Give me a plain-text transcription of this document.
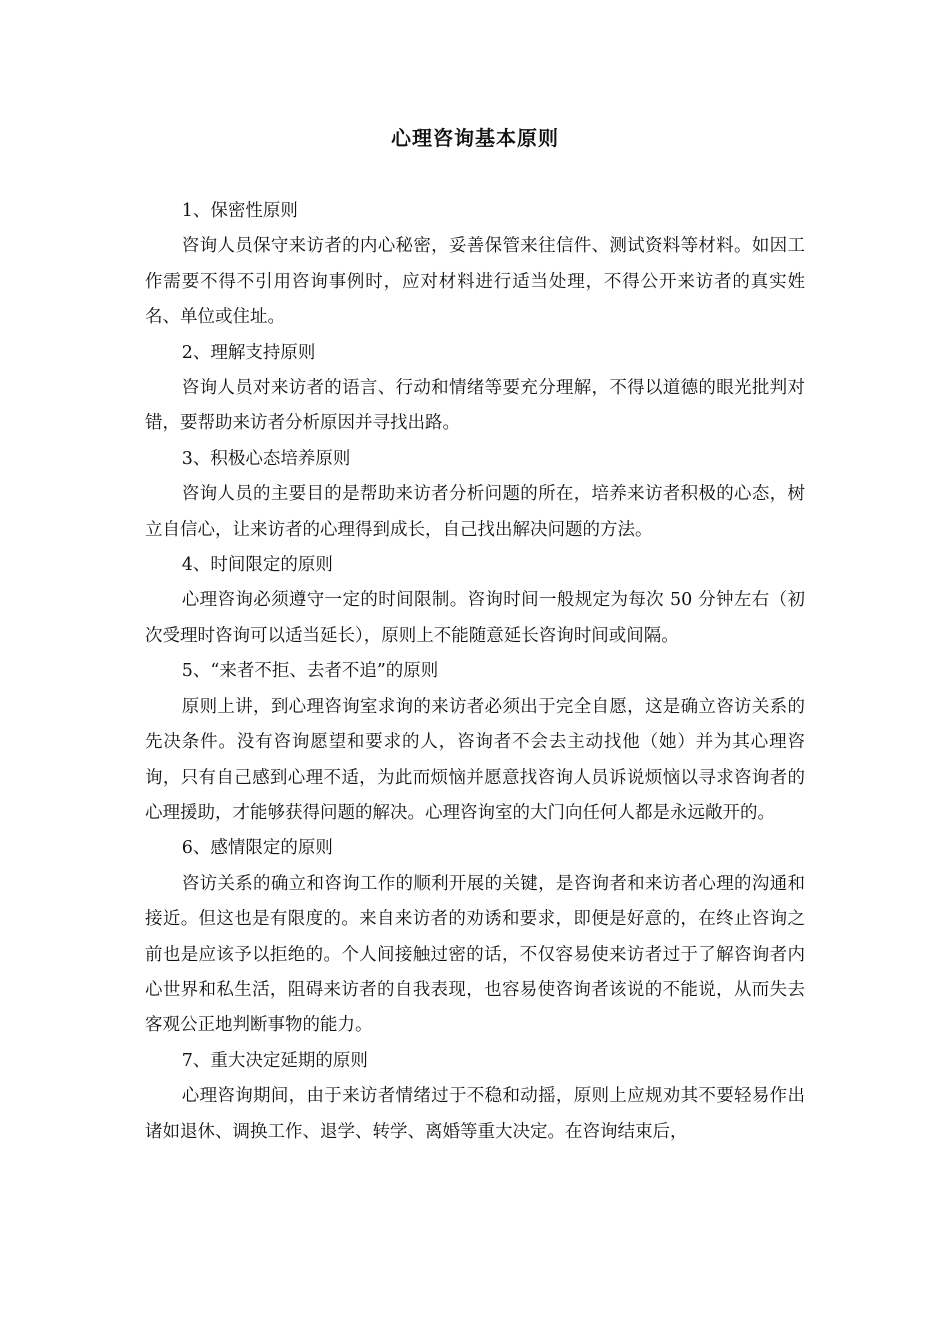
心理咨询基本原则

1、保密性原则

咨询人员保守来访者的内心秘密，妥善保管来往信件、测试资料等材料。如因工作需要不得不引用咨询事例时，应对材料进行适当处理，不得公开来访者的真实姓名、单位或住址。

2、理解支持原则

咨询人员对来访者的语言、行动和情绪等要充分理解，不得以道德的眼光批判对错，要帮助来访者分析原因并寻找出路。

3、积极心态培养原则

咨询人员的主要目的是帮助来访者分析问题的所在，培养来访者积极的心态，树立自信心，让来访者的心理得到成长，自己找出解决问题的方法。

4、时间限定的原则

心理咨询必须遵守一定的时间限制。咨询时间一般规定为每次 50 分钟左右（初次受理时咨询可以适当延长），原则上不能随意延长咨询时间或间隔。

5、“来者不拒、去者不追”的原则

原则上讲，到心理咨询室求询的来访者必须出于完全自愿，这是确立咨访关系的先决条件。没有咨询愿望和要求的人，咨询者不会去主动找他（她）并为其心理咨询，只有自己感到心理不适，为此而烦恼并愿意找咨询人员诉说烦恼以寻求咨询者的心理援助，才能够获得问题的解决。心理咨询室的大门向任何人都是永远敞开的。

6、感情限定的原则

咨访关系的确立和咨询工作的顺利开展的关键，是咨询者和来访者心理的沟通和接近。但这也是有限度的。来自来访者的劝诱和要求，即便是好意的，在终止咨询之前也是应该予以拒绝的。个人间接触过密的话，不仅容易使来访者过于了解咨询者内心世界和私生活，阻碍来访者的自我表现，也容易使咨询者该说的不能说，从而失去客观公正地判断事物的能力。

7、重大决定延期的原则

心理咨询期间，由于来访者情绪过于不稳和动摇，原则上应规劝其不要轻易作出诸如退休、调换工作、退学、转学、离婚等重大决定。在咨询结束后，
